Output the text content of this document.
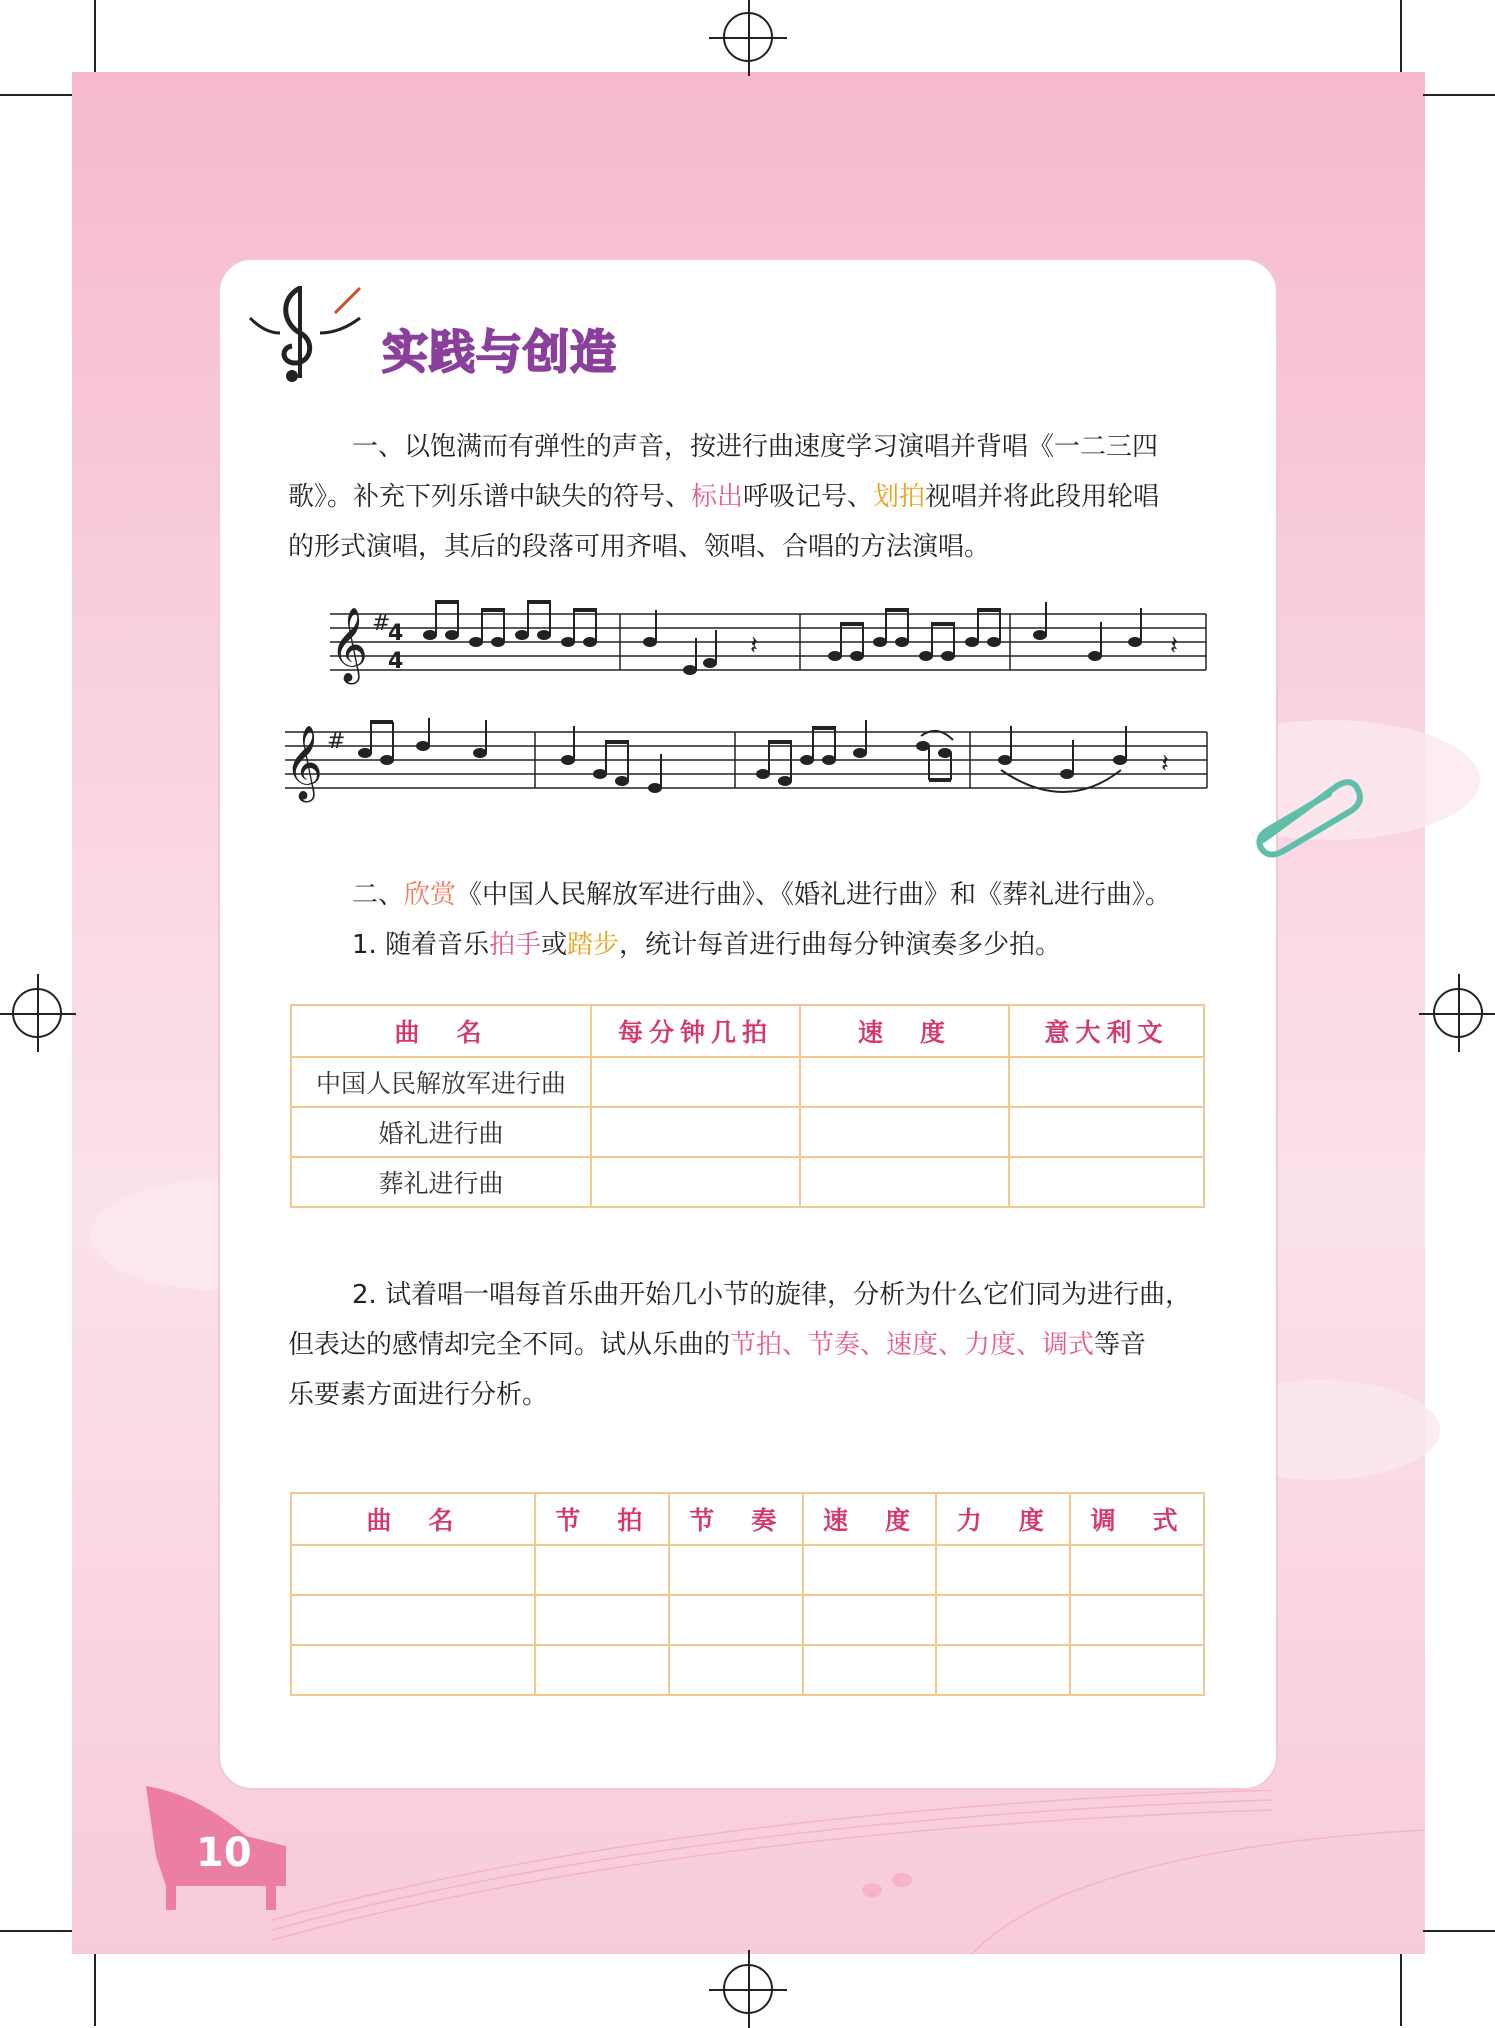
实践与创造
一、以饱满而有弹性的声音，按进行曲速度学习演唱并背唱《一二三四

歌》。补充下列乐谱中缺失的符号、标出呼吸记号、划拍视唱并将此段用轮唱
的形式演唱，其后的段落可用齐唱、领唱、合唱的方法演唱。
𝄞 #
4
4
𝄽	𝄽
𝄞 #
𝄽
二、欣赏《中国人民解放军进行曲》、《婚礼进行曲》和《葬礼进行曲》。
1. 随着音乐拍手或踏步，统计每首进行曲每分钟演奏多少拍。
曲　名	每分钟几拍	速　度	意大利文
中国人民解放军进行曲			
婚礼进行曲			
葬礼进行曲			
2. 试着唱一唱每首乐曲开始几小节的旋律，分析为什么它们同为进行曲，
但表达的感情却完全不同。试从乐曲的节拍、节奏、速度、力度、调式等音
乐要素方面进行分析。
曲　名	节　拍	节　奏	速　度	力　度	调　式

10
